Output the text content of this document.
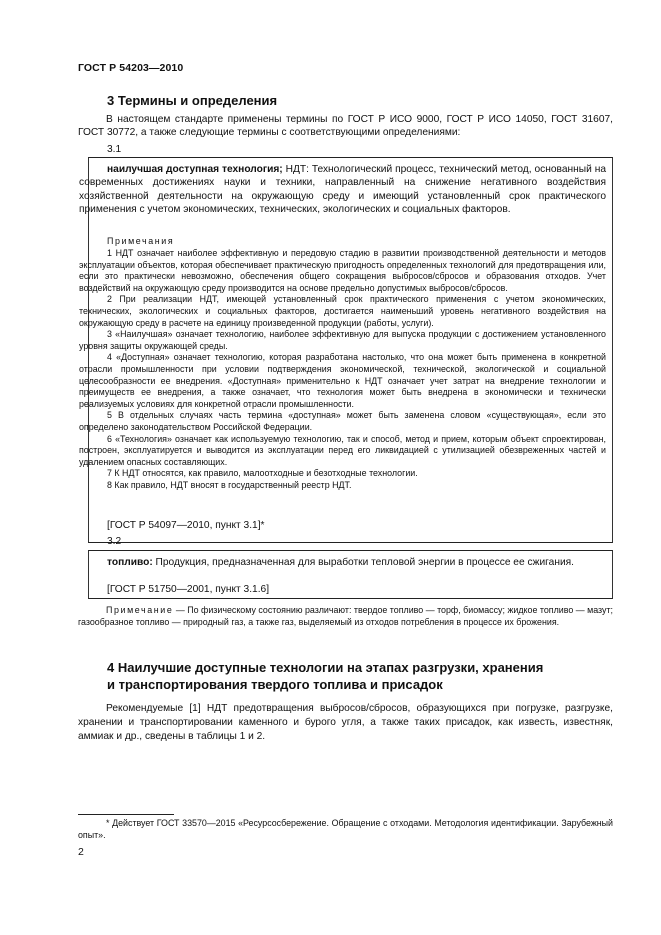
ГОСТ Р 54203—2010
3 Термины и определения
В настоящем стандарте применены термины по ГОСТ Р ИСО 9000, ГОСТ Р ИСО 14050, ГОСТ 31607, ГОСТ 30772, а также следующие термины с соответствующими определениями:
3.1
наилучшая доступная технология; НДТ: Технологический процесс, технический метод, основанный на современных достижениях науки и техники, направленный на снижение негативного воздействия хозяйственной деятельности на окружающую среду и имеющий установленный срок практического применения с учетом экономических, технических, экологических и социальных факторов.
Примечания
1 НДТ означает наиболее эффективную и передовую стадию в развитии производственной деятельности и методов эксплуатации объектов, которая обеспечивает практическую пригодность определенных технологий для предотвращения или, если это практически невозможно, обеспечения общего сокращения выбросов/сбросов и образования отходов. Учет воздействий на окружающую среду производится на основе предельно допустимых выбросов/сбросов.
2 При реализации НДТ, имеющей установленный срок практического применения с учетом экономических, технических, экологических и социальных факторов, достигается наименьший уровень негативного воздействия на окружающую среду в расчете на единицу произведенной продукции (работы, услуги).
3 «Наилучшая» означает технологию, наиболее эффективную для выпуска продукции с достижением установленного уровня защиты окружающей среды.
4 «Доступная» означает технологию, которая разработана настолько, что она может быть применена в конкретной отрасли промышленности при условии подтверждения экономической, технической, экологической и социальной целесообразности ее внедрения. «Доступная» применительно к НДТ означает учет затрат на внедрение технологии и преимуществ ее внедрения, а также означает, что технология может быть внедрена в экономически и технически реализуемых условиях для конкретной отрасли промышленности.
5 В отдельных случаях часть термина «доступная» может быть заменена словом «существующая», если это определено законодательством Российской Федерации.
6 «Технология» означает как используемую технологию, так и способ, метод и прием, которым объект спроектирован, построен, эксплуатируется и выводится из эксплуатации перед его ликвидацией с утилизацией обезвреженных частей и удалением опасных составляющих.
7 К НДТ относятся, как правило, малоотходные и безотходные технологии.
8 Как правило, НДТ вносят в государственный реестр НДТ.
[ГОСТ Р 54097—2010, пункт 3.1]*
3.2
топливо: Продукция, предназначенная для выработки тепловой энергии в процессе ее сжигания.
[ГОСТ Р 51750—2001, пункт 3.1.6]
Примечание — По физическому состоянию различают: твердое топливо — торф, биомассу; жидкое топливо — мазут; газообразное топливо — природный газ, а также газ, выделяемый из отходов потребления в процессе их брожения.
4 Наилучшие доступные технологии на этапах разгрузки, хранения
и транспортирования твердого топлива и присадок
Рекомендуемые [1] НДТ предотвращения выбросов/сбросов, образующихся при погрузке, разгрузке, хранении и транспортировании каменного и бурого угля, а также таких присадок, как известь, известняк, аммиак и др., сведены в таблицы 1 и 2.
* Действует ГОСТ 33570—2015 «Ресурсосбережение. Обращение с отходами. Методология идентификации. Зарубежный опыт».
2
